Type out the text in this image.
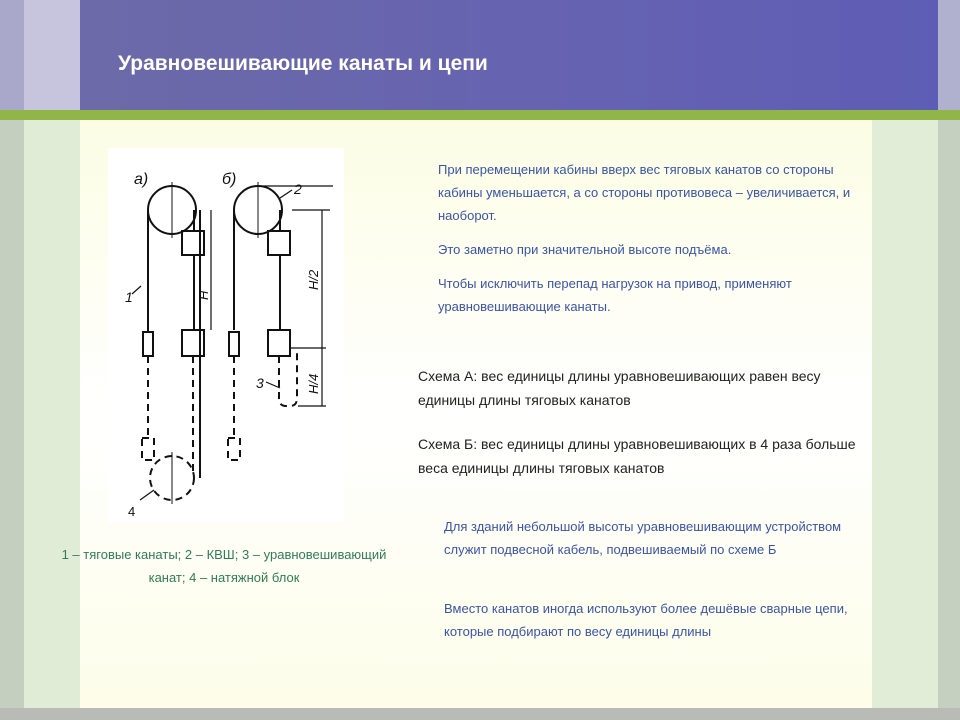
Уравновешивающие канаты и цепи
а)	б)
1
2
3
4
H
H/2
H/4
1 – тяговые канаты; 2 – КВШ; 3 – уравновешивающий канат; 4 – натяжной блок

При перемещении кабины вверх вес тяговых канатов со стороны кабины уменьшается, а со стороны противовеса – увеличивается, и наоборот.

Это заметно при значительной высоте подъёма.

Чтобы исключить перепад нагрузок на привод, применяют уравновешивающие канаты.

Схема А: вес единицы длины уравновешивающих равен весу единицы длины тяговых канатов

Схема Б: вес единицы длины уравновешивающих в 4 раза больше веса единицы длины тяговых канатов

Для зданий небольшой высоты уравновешивающим устройством служит подвесной кабель, подвешиваемый по схеме Б

Вместо канатов иногда используют более дешёвые сварные цепи, которые подбирают по весу единицы длины
